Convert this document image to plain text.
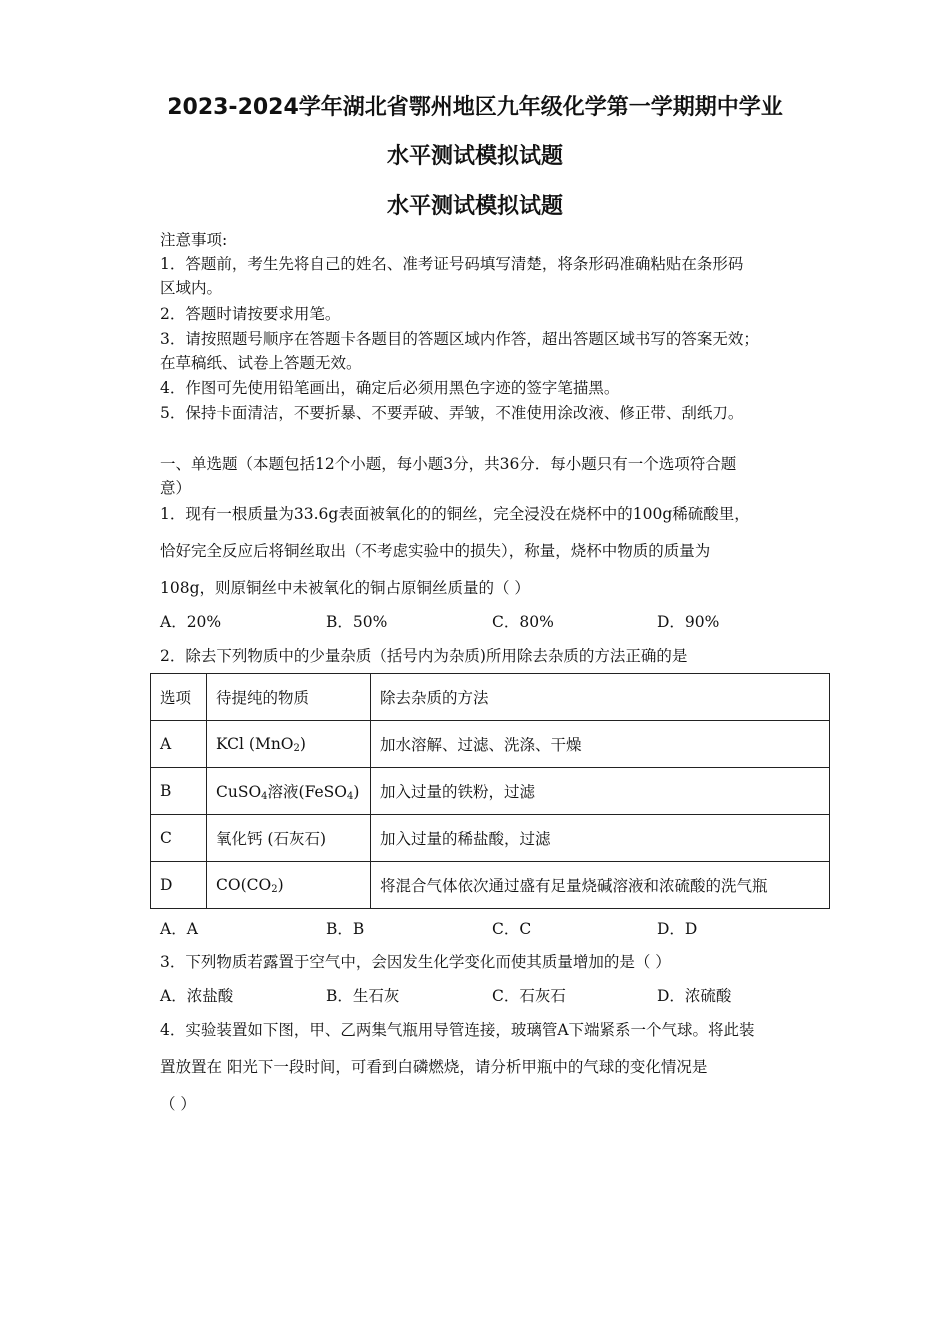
2023-2024学年湖北省鄂州地区九年级化学第一学期期中学业
水平测试模拟试题
水平测试模拟试题
注意事项:
1．答题前，考生先将自己的姓名、准考证号码填写清楚，将条形码准确粘贴在条形码
区域内。
2．答题时请按要求用笔。
3．请按照题号顺序在答题卡各题目的答题区域内作答，超出答题区域书写的答案无效；
在草稿纸、试卷上答题无效。
4．作图可先使用铅笔画出，确定后必须用黑色字迹的签字笔描黑。
5．保持卡面清洁，不要折暴、不要弄破、弄皱，不准使用涂改液、修正带、刮纸刀。
一、单选题（本题包括12个小题，每小题3分，共36分．每小题只有一个选项符合题
意）
1．现有一根质量为33.6g表面被氧化的的铜丝，完全浸没在烧杯中的100g稀硫酸里，
恰好完全反应后将铜丝取出（不考虑实验中的损失），称量，烧杯中物质的质量为
108g，则原铜丝中未被氧化的铜占原铜丝质量的（ ）
A．20%	B．50%	C．80%	D．90%
2．除去下列物质中的少量杂质（括号内为杂质)所用除去杂质的方法正确的是
选项	待提纯的物质	除去杂质的方法
A	KCl (MnO$_2$)	加水溶解、过滤、洗涤、干燥
B	CuSO$_4$溶液(FeSO$_4$)	加入过量的铁粉，过滤
C	氧化钙 (石灰石)	加入过量的稀盐酸，过滤
D	$CO(CO_2)$	将混合气体依次通过盛有足量烧碱溶液和浓硫酸的洗气瓶
A．A	B．B	C．C	D．D
3．下列物质若露置于空气中，会因发生化学变化而使其质量增加的是（ ）
A．浓盐酸	B．生石灰	C．石灰石	D．浓硫酸
4．实验装置如下图，甲、乙两集气瓶用导管连接，玻璃管A下端紧系一个气球。将此装
置放置在 阳光下一段时间，可看到白磷燃烧，请分析甲瓶中的气球的变化情况是
（ ）
